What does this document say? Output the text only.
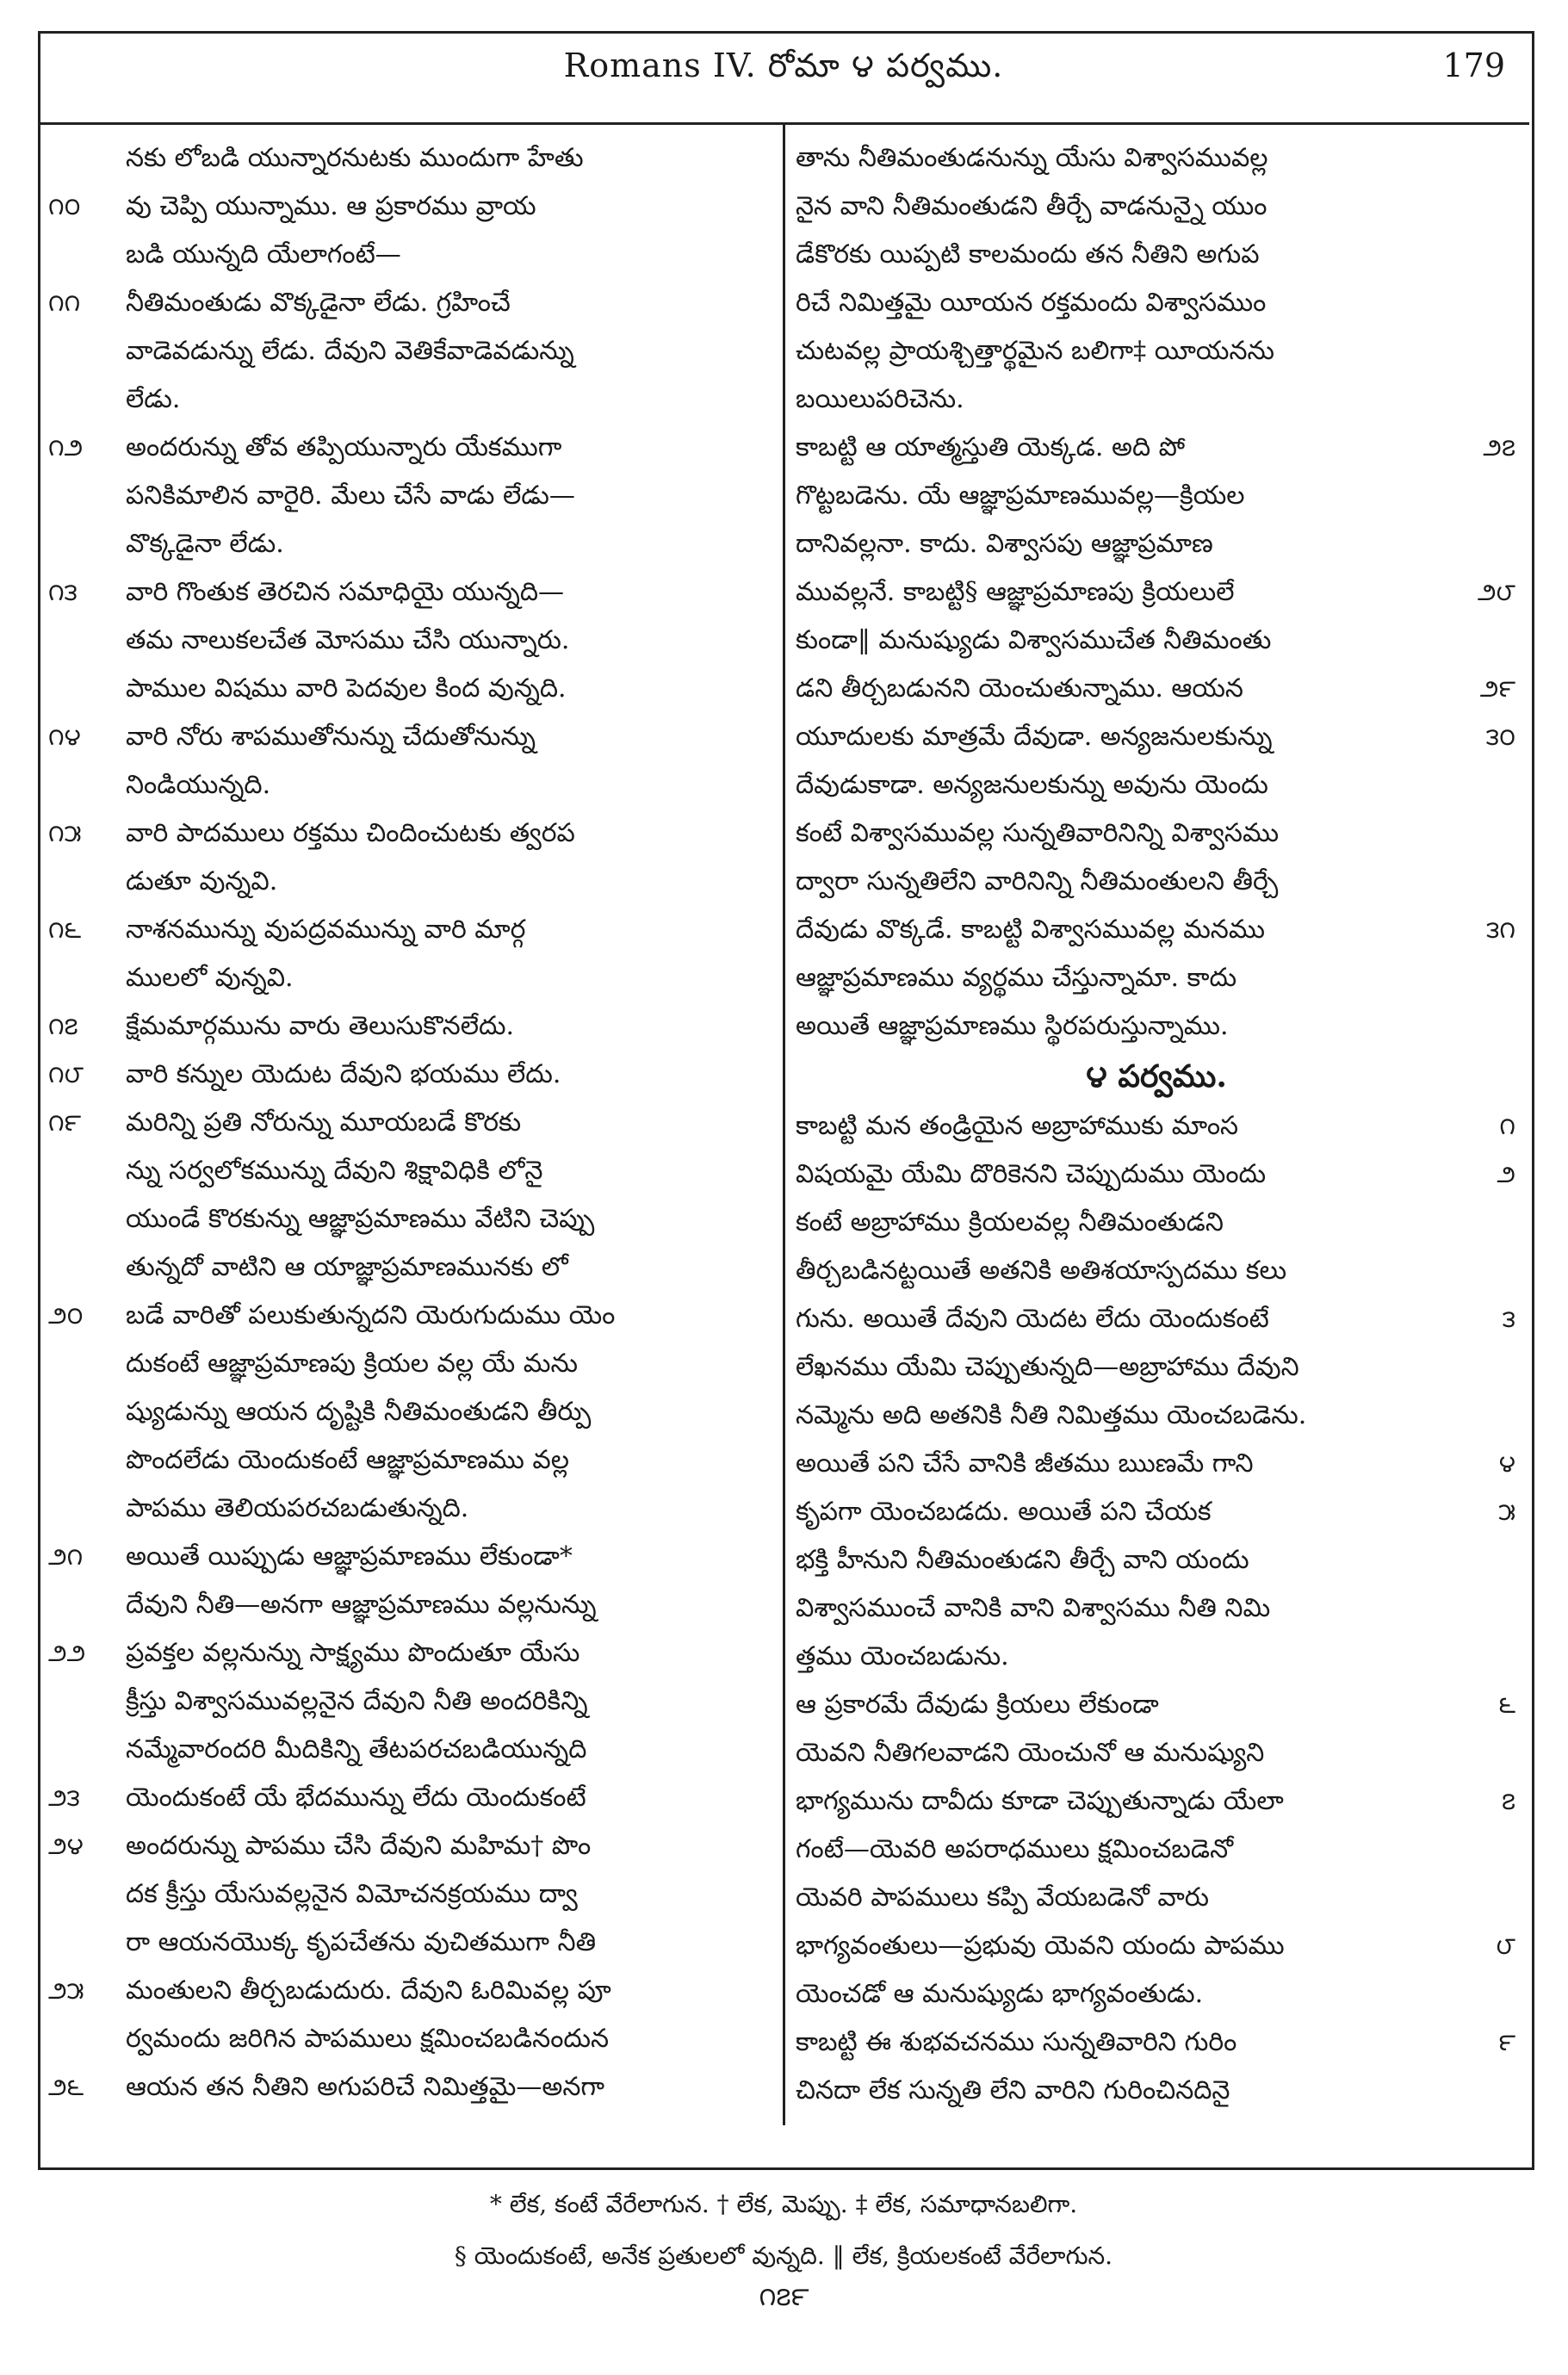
Romans IV. రోమా ౪ పర్వము.	179
నకు లోబడి యున్నారనుటకు ముందుగా హేతు
౧౦	వు చెప్పి యున్నాము. ఆ ప్రకారము వ్రాయ
బడి యున్నది యేలాగంటే—
౧౧	నీతిమంతుడు వొక్కడైనా లేడు. గ్రహించే
వాడెవడున్ను లేడు. దేవుని వెతికేవాడెవడున్ను
లేడు.
౧౨	అందరున్ను తోవ తప్పియున్నారు యేకముగా
పనికిమాలిన వారైరి. మేలు చేసే వాడు లేడు—
వొక్కడైనా లేడు.
౧౩	వారి గొంతుక తెరచిన సమాధియై యున్నది—
తమ నాలుకలచేత మోసము చేసి యున్నారు.
పాముల విషము వారి పెదవుల కింద వున్నది.
౧౪	వారి నోరు శాపముతోనున్ను చేదుతోనున్ను
నిండియున్నది.
౧౫	వారి పాదములు రక్తము చిందించుటకు త్వరప
డుతూ వున్నవి.
౧౬	నాశనమున్ను వుపద్రవమున్ను వారి మార్గ
ములలో వున్నవి.
౧౭	క్షేమమార్గమును వారు తెలుసుకొనలేదు.
౧౮	వారి కన్నుల యెదుట దేవుని భయము లేదు.
౧౯	మరిన్ని ప్రతి నోరున్ను మూయబడే కొరకు
న్ను సర్వలోకమున్ను దేవుని శిక్షావిధికి లోనై
యుండే కొరకున్ను ఆజ్ఞాప్రమాణము వేటిని చెప్పు
తున్నదో వాటిని ఆ యాజ్ఞాప్రమాణమునకు లో
౨౦	బడే వారితో పలుకుతున్నదని యెరుగుదుము యెం
దుకంటే ఆజ్ఞాప్రమాణపు క్రియల వల్ల యే మను
ష్యుడున్ను ఆయన దృష్టికి నీతిమంతుడని తీర్పు
పొందలేడు యెందుకంటే ఆజ్ఞాప్రమాణము వల్ల
పాపము తెలియపరచబడుతున్నది.
౨౧	అయితే యిప్పుడు ఆజ్ఞాప్రమాణము లేకుండా*
దేవుని నీతి—అనగా ఆజ్ఞాప్రమాణము వల్లనున్ను
౨౨	ప్రవక్తల వల్లనున్ను సాక్ష్యము పొందుతూ యేసు
క్రీస్తు విశ్వాసమువల్లనైన దేవుని నీతి అందరికిన్ని
నమ్మేవారందరి మీదికిన్ని తేటపరచబడియున్నది
౨౩	యెందుకంటే యే భేదమున్ను లేదు యెందుకంటే
౨౪	అందరున్ను పాపము చేసి దేవుని మహిమ† పొం
దక క్రీస్తు యేసువల్లనైన విమోచనక్రయము ద్వా
రా ఆయనయొక్క కృపచేతను వుచితముగా నీతి
౨౫	మంతులని తీర్చబడుదురు. దేవుని ఓరిమివల్ల పూ
ర్వమందు జరిగిన పాపములు క్షమించబడినందున
౨౬	ఆయన తన నీతిని అగుపరిచే నిమిత్తమై—అనగా
తాను నీతిమంతుడనున్ను యేసు విశ్వాసమువల్ల
నైన వాని నీతిమంతుడని తీర్చే వాడనున్నై యుం
డేకొరకు యిప్పటి కాలమందు తన నీతిని అగుప
రిచే నిమిత్తమై యీయన రక్తమందు విశ్వాసముం
చుటవల్ల ప్రాయశ్చిత్తార్థమైన బలిగా‡ యీయనను
బయిలుపరిచెను.
౨౭
కాబట్టి ఆ యాత్మస్తుతి యెక్కడ. అది పో
గొట్టబడెను. యే ఆజ్ఞాప్రమాణమువల్ల—క్రియల
దానివల్లనా. కాదు. విశ్వాసపు ఆజ్ఞాప్రమాణ
౨౮
మువల్లనే. కాబట్టి§ ఆజ్ఞాప్రమాణపు క్రియలులే
కుండా‖ మనుష్యుడు విశ్వాసముచేత నీతిమంతు
౨౯
డని తీర్చబడునని యెంచుతున్నాము. ఆయన
౩౦
యూదులకు మాత్రమే దేవుడా. అన్యజనులకున్ను
దేవుడుకాడా. అన్యజనులకున్ను అవును యెందు
కంటే విశ్వాసమువల్ల సున్నతివారినిన్ని విశ్వాసము
ద్వారా సున్నతిలేని వారినిన్ని నీతిమంతులని తీర్చే
౩౧
దేవుడు వొక్కడే. కాబట్టి విశ్వాసమువల్ల మనము
ఆజ్ఞాప్రమాణము వ్యర్థము చేస్తున్నామా. కాదు
అయితే ఆజ్ఞాప్రమాణము స్థిరపరుస్తున్నాము.
౪ పర్వము.
౧
కాబట్టి మన తండ్రియైన అబ్రాహాముకు మాంస
౨
విషయమై యేమి దొరికెనని చెప్పుదుము యెందు
కంటే అబ్రాహాము క్రియలవల్ల నీతిమంతుడని
తీర్చబడినట్టయితే అతనికి అతిశయాస్పదము కలు
౩
గును. అయితే దేవుని యెదట లేదు యెందుకంటే
లేఖనము యేమి చెప్పుతున్నది—అబ్రాహాము దేవుని
నమ్మెను అది అతనికి నీతి నిమిత్తము యెంచబడెను.
౪
అయితే పని చేసే వానికి జీతము ఋణమే గాని
౫
కృపగా యెంచబడదు. అయితే పని చేయక
భక్తి హీనుని నీతిమంతుడని తీర్చే వాని యందు
విశ్వాసముంచే వానికి వాని విశ్వాసము నీతి నిమి
త్తము యెంచబడును.
౬
ఆ ప్రకారమే దేవుడు క్రియలు లేకుండా
యెవని నీతిగలవాడని యెంచునో ఆ మనుష్యుని
౭
భాగ్యమును దావీదు కూడా చెప్పుతున్నాడు యేలా
గంటే—యెవరి అపరాధములు క్షమించబడెనో
యెవరి పాపములు కప్పి వేయబడెనో వారు
౮
భాగ్యవంతులు—ప్రభువు యెవని యందు పాపము
యెంచడో ఆ మనుష్యుడు భాగ్యవంతుడు.
౯
కాబట్టి ఈ శుభవచనము సున్నతివారిని గురిం
చినదా లేక సున్నతి లేని వారిని గురించినదినై
* లేక, కంటే వేరేలాగున. † లేక, మెప్పు. ‡ లేక, సమాధానబలిగా.
§ యెందుకంటే, అనేక ప్రతులలో వున్నది. ‖ లేక, క్రియలకంటే వేరేలాగున.
౧౭౯
